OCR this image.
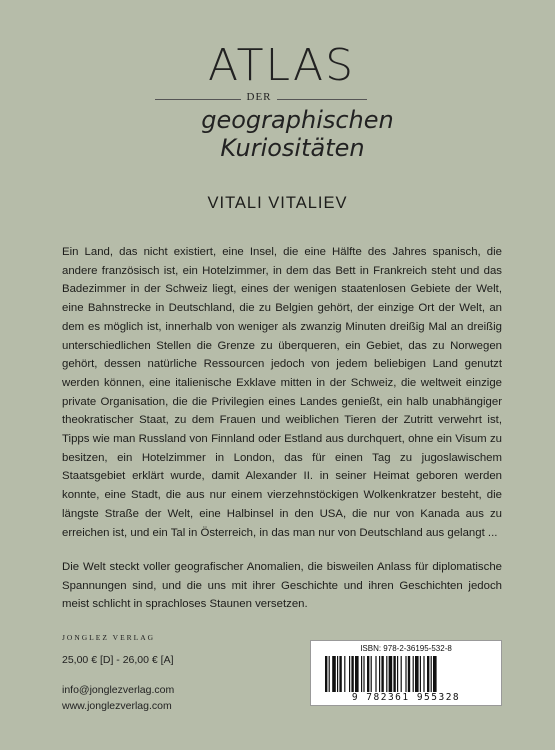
ATLAS
DER
geographischen
Kuriositäten
VITALI VITALIEV
Ein Land, das nicht existiert, eine Insel, die eine Hälfte des Jahres spanisch, die andere französisch ist, ein Hotelzimmer, in dem das Bett in Frankreich steht und das Badezimmer in der Schweiz liegt, eines der wenigen staatenlosen Gebiete der Welt, eine Bahnstrecke in Deutschland, die zu Belgien gehört, der einzige Ort der Welt, an dem es möglich ist, innerhalb von weniger als zwanzig Minuten dreißig Mal an dreißig unterschiedlichen Stellen die Grenze zu überqueren, ein Gebiet, das zu Norwegen gehört, dessen natürliche Ressourcen jedoch von jedem beliebigen Land genutzt werden können, eine italienische Exklave mitten in der Schweiz, die weltweit einzige private Organisation, die die Privilegien eines Landes genießt, ein halb unabhängiger theokratischer Staat, zu dem Frauen und weiblichen Tieren der Zutritt verwehrt ist, Tipps wie man Russland von Finnland oder Estland aus durchquert, ohne ein Visum zu besitzen, ein Hotelzimmer in London, das für einen Tag zu jugoslawischem Staatsgebiet erklärt wurde, damit Alexander II. in seiner Heimat geboren werden konnte, eine Stadt, die aus nur einem vierzehnstöckigen Wolkenkratzer besteht, die längste Straße der Welt, eine Halbinsel in den USA, die nur von Kanada aus zu erreichen ist, und ein Tal in Österreich, in das man nur von Deutschland aus gelangt ...
Die Welt steckt voller geografischer Anomalien, die bisweilen Anlass für diplomatische Spannungen sind, und die uns mit ihrer Geschichte und ihren Geschichten jedoch meist schlicht in sprachloses Staunen versetzen.
JONGLEZ VERLAG
25,00 € [D] - 26,00 € [A]
info@jonglezverlag.com
www.jonglezverlag.com
ISBN: 978-2-36195-532-8
9 782361 955328
